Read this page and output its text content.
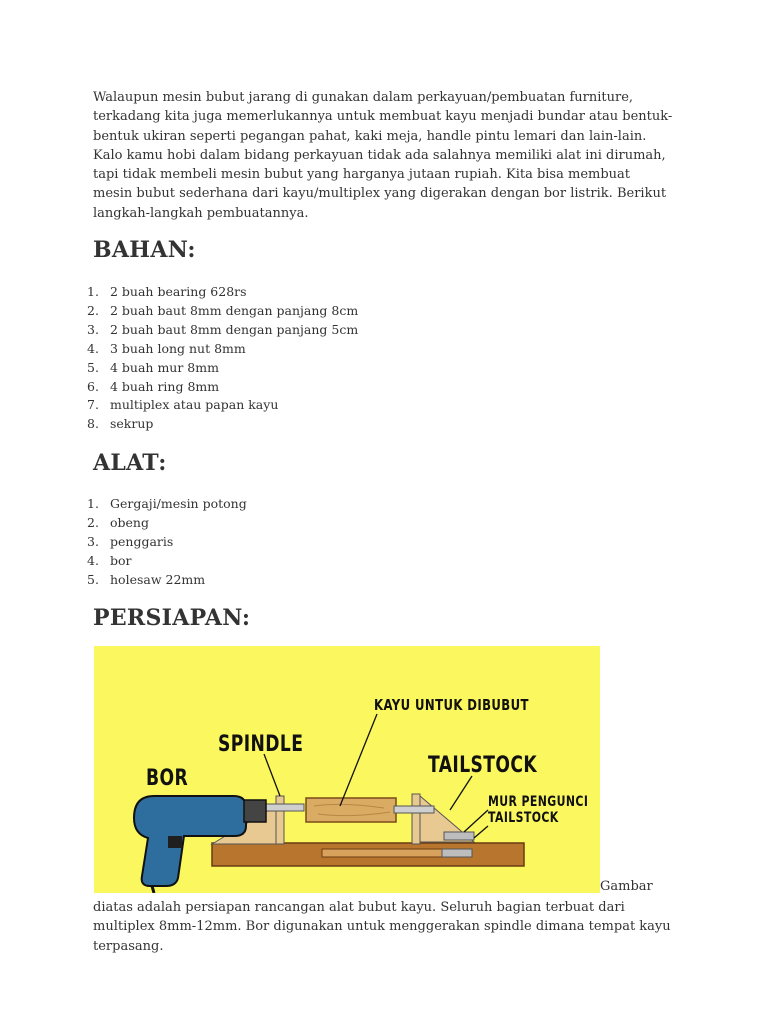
Walaupun mesin bubut jarang di gunakan dalam perkayuan/pembuatan furniture, terkadang kita juga memerlukannya untuk membuat kayu menjadi bundar atau bentuk-bentuk ukiran seperti pegangan pahat, kaki meja, handle pintu lemari dan lain-lain. Kalo kamu hobi dalam bidang perkayuan tidak ada salahnya memiliki alat ini dirumah, tapi tidak membeli mesin bubut yang harganya jutaan rupiah. Kita bisa membuat mesin bubut sederhana dari kayu/multiplex yang digerakan dengan bor listrik. Berikut langkah-langkah pembuatannya.

BAHAN:
1. 2 buah bearing 628rs
2. 2 buah baut 8mm dengan panjang 8cm
3. 2 buah baut 8mm dengan panjang 5cm
4. 3 buah long nut 8mm
5. 4 buah mur 8mm
6. 4 buah ring 8mm
7. multiplex atau papan kayu
8. sekrup
ALAT:
1. Gergaji/mesin potong
2. obeng
3. penggaris
4. bor
5. holesaw 22mm
PERSIAPAN:
KAYU UNTUK DIBUBUT
SPINDLE
BOR
TAILSTOCK
MUR PENGUNCI
TAILSTOCK
Gambar

diatas adalah persiapan rancangan alat bubut kayu. Seluruh bagian terbuat dari multiplex 8mm-12mm. Bor digunakan untuk menggerakan spindle dimana tempat kayu terpasang.
